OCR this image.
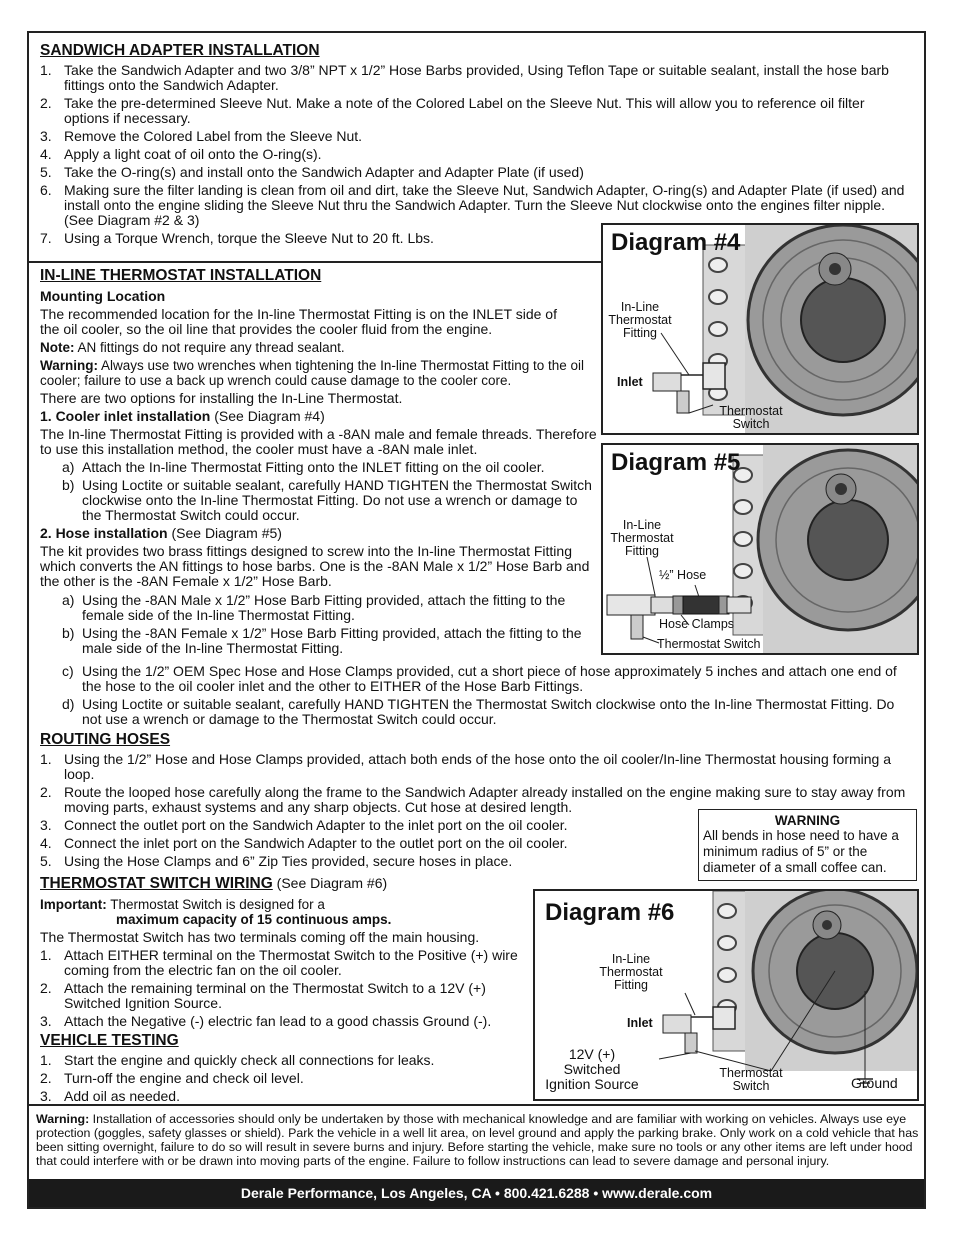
SANDWICH ADAPTER INSTALLATION
1. Take the Sandwich Adapter and two 3/8” NPT x 1/2” Hose Barbs provided, Using Teflon Tape or suitable sealant, install the hose barb fittings onto the Sandwich Adapter.
2. Take the pre-determined Sleeve Nut. Make a note of the Colored Label on the Sleeve Nut. This will allow you to reference oil filter options if necessary.
3. Remove the Colored Label from the Sleeve Nut.
4. Apply a light coat of oil onto the O-ring(s).
5. Take the O-ring(s) and install onto the Sandwich Adapter and Adapter Plate (if used)
6. Making sure the filter landing is clean from oil and dirt, take the Sleeve Nut, Sandwich Adapter, O-ring(s) and Adapter Plate (if used) and install onto the engine sliding the Sleeve Nut thru the Sandwich Adapter. Turn the Sleeve Nut clockwise onto the engines filter nipple. (See Diagram #2 & 3)
7. Using a Torque Wrench, torque the Sleeve Nut to 20 ft. Lbs.
IN-LINE THERMOSTAT INSTALLATION
Mounting Location
The recommended location for the In-line Thermostat Fitting is on the INLET side of the oil cooler, so the oil line that provides the cooler fluid from the engine.
Note: AN fittings do not require any thread sealant.
Warning: Always use two wrenches when tightening the In-line Thermostat Fitting to the oil cooler; failure to use a back up wrench could cause damage to the cooler core.
There are two options for installing the In-Line Thermostat.
1. Cooler inlet installation (See Diagram #4)
The In-line Thermostat Fitting is provided with a -8AN male and female threads. Therefore to use this installation method, the cooler must have a -8AN male inlet.
a) Attach the In-line Thermostat Fitting onto the INLET fitting on the oil cooler.
b) Using Loctite or suitable sealant, carefully HAND TIGHTEN the Thermostat Switch clockwise onto the In-line Thermostat Fitting. Do not use a wrench or damage to the Thermostat Switch could occur.
2. Hose installation (See Diagram #5)
The kit provides two brass fittings designed to screw into the In-line Thermostat Fitting which converts the AN fittings to hose barbs. One is the -8AN Male x 1/2” Hose Barb and the other is the -8AN Female x 1/2” Hose Barb.
a) Using the -8AN Male x 1/2” Hose Barb Fitting provided, attach the fitting to the female side of the In-line Thermostat Fitting.
b) Using the -8AN Female x 1/2” Hose Barb Fitting provided, attach the fitting to the male side of the In-line Thermostat Fitting.
c) Using the 1/2” OEM Spec Hose and Hose Clamps provided, cut a short piece of hose approximately 5 inches and attach one end of the hose to the oil cooler inlet and the other to EITHER of the Hose Barb Fittings.
d) Using Loctite or suitable sealant, carefully HAND TIGHTEN the Thermostat Switch clockwise onto the In-line Thermostat Fitting. Do not use a wrench or damage to the Thermostat Switch could occur.
ROUTING HOSES
1. Using the 1/2” Hose and Hose Clamps provided, attach both ends of the hose onto the oil cooler/In-line Thermostat housing forming a loop.
2. Route the looped hose carefully along the frame to the Sandwich Adapter already installed on the engine making sure to stay away from moving parts, exhaust systems and any sharp objects. Cut hose at desired length.
3. Connect the outlet port on the Sandwich Adapter to the inlet port on the oil cooler.
4. Connect the inlet port on the Sandwich Adapter to the outlet port on the oil cooler.
5. Using the Hose Clamps and 6” Zip Ties provided, secure hoses in place.
WARNING
All bends in hose need to have a minimum radius of 5” or the diameter of a small coffee can.
THERMOSTAT SWITCH WIRING (See Diagram #6)
Important: Thermostat Switch is designed for a
maximum capacity of 15 continuous amps.
The Thermostat Switch has two terminals coming off the main housing.
1. Attach EITHER terminal on the Thermostat Switch to the Positive (+) wire coming from the electric fan on the oil cooler.
2. Attach the remaining terminal on the Thermostat Switch to a 12V (+) Switched Ignition Source.
3. Attach the Negative (-) electric fan lead to a good chassis Ground (-).
VEHICLE TESTING
1. Start the engine and quickly check all connections for leaks.
2. Turn-off the engine and check oil level.
3. Add oil as needed.
Diagram #4
In-Line
Thermostat
Fitting
Inlet
Thermostat
Switch
Diagram #5
In-Line
Thermostat
Fitting
½” Hose
Hose Clamps
Thermostat Switch
Diagram #6
In-Line
Thermostat
Fitting
Inlet
12V (+)
Switched
Ignition Source
Thermostat
Switch	Ground
Warning: Installation of accessories should only be undertaken by those with mechanical knowledge and are familiar with working on vehicles. Always use eye protection (goggles, safety glasses or shield). Park the vehicle in a well lit area, on level ground and apply the parking brake. Only work on a cold vehicle that has been sitting overnight, failure to do so will result in severe burns and injury. Before starting the vehicle, make sure no tools or any other items are left under hood that could interfere with or be drawn into moving parts of the engine. Failure to follow instructions can lead to severe damage and personal injury.
Derale Performance, Los Angeles, CA • 800.421.6288 • www.derale.com
